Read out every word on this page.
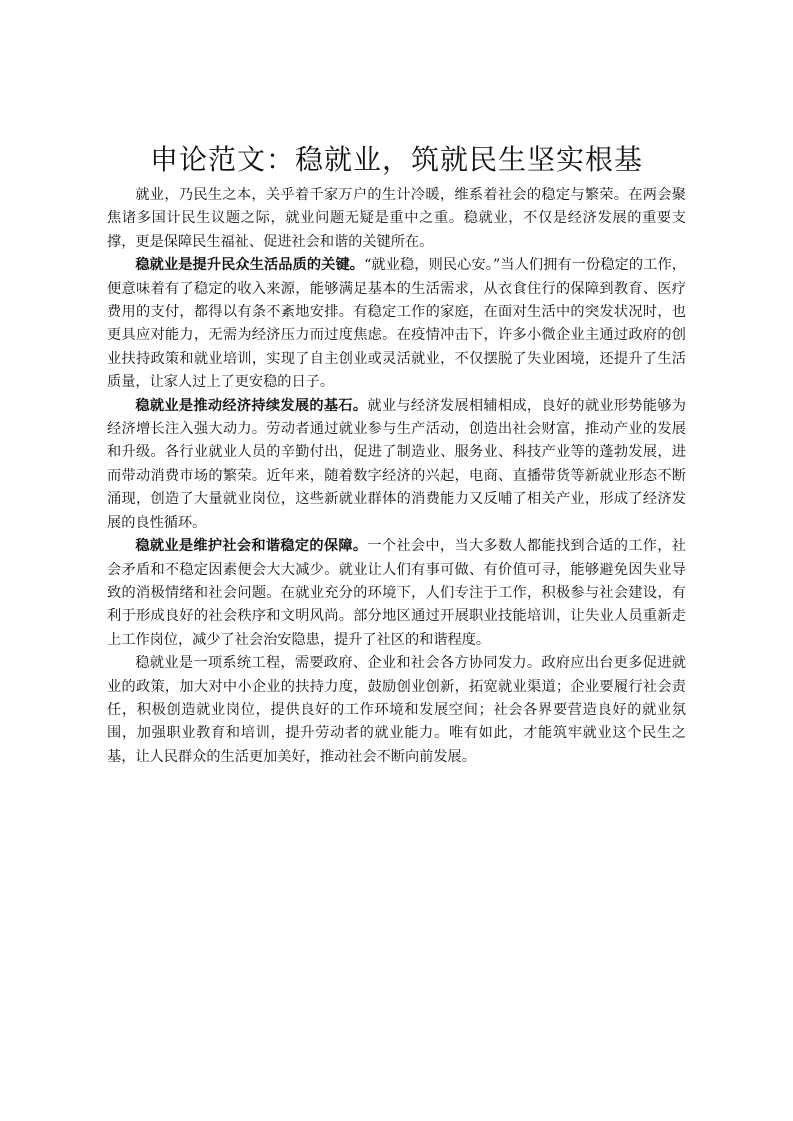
申论范文：稳就业，筑就民生坚实根基

就业，乃民生之本，关乎着千家万户的生计冷暖，维系着社会的稳定与繁荣。在两会聚焦诸多国计民生议题之际，就业问题无疑是重中之重。稳就业，不仅是经济发展的重要支撑，更是保障民生福祉、促进社会和谐的关键所在。

稳就业是提升民众生活品质的关键。“就业稳，则民心安。”当人们拥有一份稳定的工作，便意味着有了稳定的收入来源，能够满足基本的生活需求，从衣食住行的保障到教育、医疗费用的支付，都得以有条不紊地安排。有稳定工作的家庭，在面对生活中的突发状况时，也更具应对能力，无需为经济压力而过度焦虑。在疫情冲击下，许多小微企业主通过政府的创业扶持政策和就业培训，实现了自主创业或灵活就业，不仅摆脱了失业困境，还提升了生活质量，让家人过上了更安稳的日子。

稳就业是推动经济持续发展的基石。就业与经济发展相辅相成，良好的就业形势能够为经济增长注入强大动力。劳动者通过就业参与生产活动，创造出社会财富，推动产业的发展和升级。各行业就业人员的辛勤付出，促进了制造业、服务业、科技产业等的蓬勃发展，进而带动消费市场的繁荣。近年来，随着数字经济的兴起，电商、直播带货等新就业形态不断涌现，创造了大量就业岗位，这些新就业群体的消费能力又反哺了相关产业，形成了经济发展的良性循环。

稳就业是维护社会和谐稳定的保障。一个社会中，当大多数人都能找到合适的工作，社会矛盾和不稳定因素便会大大减少。就业让人们有事可做、有价值可寻，能够避免因失业导致的消极情绪和社会问题。在就业充分的环境下，人们专注于工作，积极参与社会建设，有利于形成良好的社会秩序和文明风尚。部分地区通过开展职业技能培训，让失业人员重新走上工作岗位，减少了社会治安隐患，提升了社区的和谐程度。

稳就业是一项系统工程，需要政府、企业和社会各方协同发力。政府应出台更多促进就业的政策，加大对中小企业的扶持力度，鼓励创业创新，拓宽就业渠道；企业要履行社会责任，积极创造就业岗位，提供良好的工作环境和发展空间；社会各界要营造良好的就业氛围，加强职业教育和培训，提升劳动者的就业能力。唯有如此，才能筑牢就业这个民生之基，让人民群众的生活更加美好，推动社会不断向前发展。
